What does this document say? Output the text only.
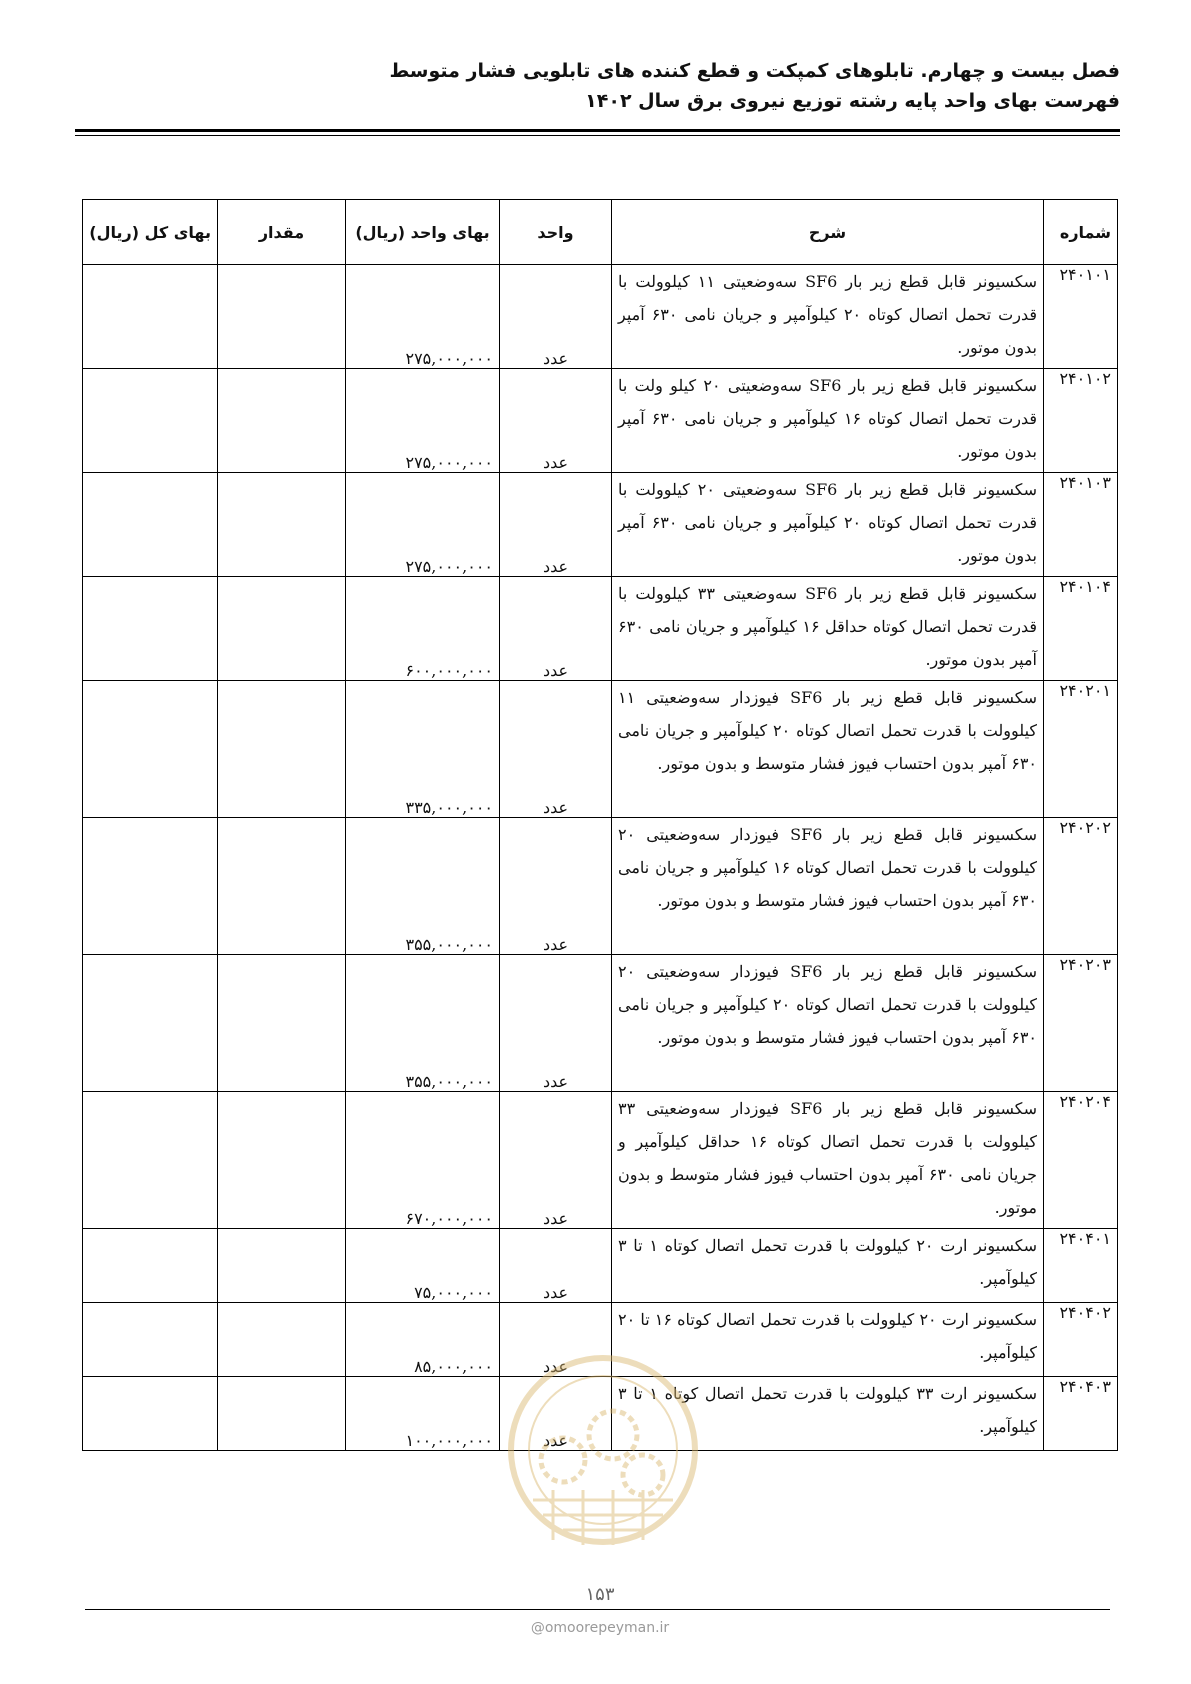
فصل بیست و چهارم. تابلوهای کمپکت و قطع کننده های تابلویی فشار متوسط
فهرست بهای واحد پایه رشته توزیع نیروی برق سال ۱۴۰۲
شماره	شرح	واحد	بهای واحد (ریال)	مقدار	بهای کل (ریال)
۲۴۰۱۰۱	سکسیونر قابل قطع زیر بار SF6 سه‌وضعیتی ۱۱ کیلوولت با قدرت تحمل اتصال کوتاه ۲۰ کیلوآمپر و جریان نامی ۶۳۰ آمپر بدون موتور.	عدد	۲۷۵,۰۰۰,۰۰۰		
۲۴۰۱۰۲	سکسیونر قابل قطع زیر بار SF6 سه‌وضعیتی ۲۰ کیلو ولت با قدرت تحمل اتصال کوتاه ۱۶ کیلوآمپر و جریان نامی ۶۳۰ آمپر بدون موتور.	عدد	۲۷۵,۰۰۰,۰۰۰		
۲۴۰۱۰۳	سکسیونر قابل قطع زیر بار SF6 سه‌وضعیتی ۲۰ کیلوولت با قدرت تحمل اتصال کوتاه ۲۰ کیلوآمپر و جریان نامی ۶۳۰ آمپر بدون موتور.	عدد	۲۷۵,۰۰۰,۰۰۰		
۲۴۰۱۰۴	سکسیونر قابل قطع زیر بار SF6 سه‌وضعیتی ۳۳ کیلوولت با قدرت تحمل اتصال کوتاه حداقل ۱۶ کیلوآمپر و جریان نامی ۶۳۰ آمپر بدون موتور.	عدد	۶۰۰,۰۰۰,۰۰۰		
۲۴۰۲۰۱	سکسیونر قابل قطع زیر بار SF6 فیوزدار سه‌وضعیتی ۱۱ کیلوولت با قدرت تحمل اتصال کوتاه ۲۰ کیلوآمپر و جریان نامی ۶۳۰ آمپر بدون احتساب فیوز فشار متوسط و بدون موتور.	عدد	۳۳۵,۰۰۰,۰۰۰		
۲۴۰۲۰۲	سکسیونر قابل قطع زیر بار SF6 فیوزدار سه‌وضعیتی ۲۰ کیلوولت با قدرت تحمل اتصال کوتاه ۱۶ کیلوآمپر و جریان نامی ۶۳۰ آمپر بدون احتساب فیوز فشار متوسط و بدون موتور.	عدد	۳۵۵,۰۰۰,۰۰۰		
۲۴۰۲۰۳	سکسیونر قابل قطع زیر بار SF6 فیوزدار سه‌وضعیتی ۲۰ کیلوولت با قدرت تحمل اتصال کوتاه ۲۰ کیلوآمپر و جریان نامی ۶۳۰ آمپر بدون احتساب فیوز فشار متوسط و بدون موتور.	عدد	۳۵۵,۰۰۰,۰۰۰		
۲۴۰۲۰۴	سکسیونر قابل قطع زیر بار SF6 فیوزدار سه‌وضعیتی ۳۳ کیلوولت با قدرت تحمل اتصال کوتاه ۱۶ حداقل کیلوآمپر و جریان نامی ۶۳۰ آمپر بدون احتساب فیوز فشار متوسط و بدون موتور.	عدد	۶۷۰,۰۰۰,۰۰۰		
۲۴۰۴۰۱	سکسیونر ارت ۲۰ کیلوولت با قدرت تحمل اتصال کوتاه ۱ تا ۳ کیلوآمپر.	عدد	۷۵,۰۰۰,۰۰۰		
۲۴۰۴۰۲	سکسیونر ارت ۲۰ کیلوولت با قدرت تحمل اتصال کوتاه ۱۶ تا ۲۰ کیلوآمپر.	عدد	۸۵,۰۰۰,۰۰۰		
۲۴۰۴۰۳	سکسیونر ارت ۳۳ کیلوولت با قدرت تحمل اتصال کوتاه ۱ تا ۳ کیلوآمپر.	عدد	۱۰۰,۰۰۰,۰۰۰		
۱۵۳
@omoorepeyman.ir
